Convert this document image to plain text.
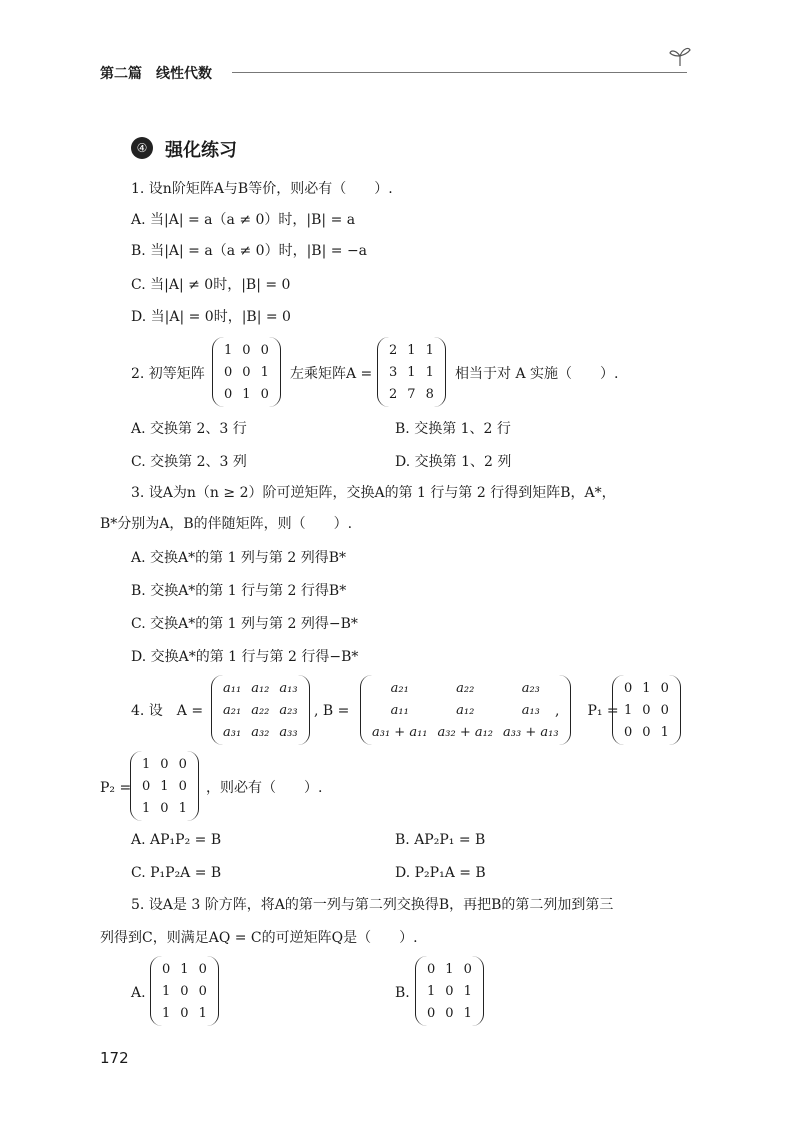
第二篇　线性代数
④ 强化练习
1. 设n阶矩阵A与B等价，则必有（　　）.
A. 当|A| = a（a ≠ 0）时，|B| = a
B. 当|A| = a（a ≠ 0）时，|B| = −a
C. 当|A| ≠ 0时，|B| = 0
D. 当|A| = 0时，|B| = 0
2. 初等矩阵
1	0	0
0	0	1
0	1	0
左乘矩阵A =
2	1	1
3	1	1
2	7	8
相当于对 A 实施（　　）.
A. 交换第 2、3 行	B. 交换第 1、2 行
C. 交换第 2、3 列	D. 交换第 1、2 列
3. 设A为n（n ≥ 2）阶可逆矩阵，交换A的第 1 行与第 2 行得到矩阵B，A*，
B*分别为A，B的伴随矩阵，则（　　）.
A. 交换A*的第 1 列与第 2 列得B*
B. 交换A*的第 1 行与第 2 行得B*
C. 交换A*的第 1 列与第 2 列得−B*
D. 交换A*的第 1 行与第 2 行得−B*
4. 设　A =
a₁₁	a₁₂	a₁₃
a₂₁	a₂₂	a₂₃
a₃₁	a₃₂	a₃₃
, B =
a₂₁	a₂₂	a₂₃
a₁₁	a₁₂	a₁₃
a₃₁ + a₁₁	a₃₂ + a₁₂	a₃₃ + a₁₃
,　　P₁ =
0	1	0
1	0	0
0	0	1
P₂ =
1	0	0
0	1	0
1	0	1
，则必有（　　）.
A. AP₁P₂ = B	B. AP₂P₁ = B
C. P₁P₂A = B	D. P₂P₁A = B
5. 设A是 3 阶方阵，将A的第一列与第二列交换得B，再把B的第二列加到第三
列得到C，则满足AQ = C的可逆矩阵Q是（　　）.
A.
0	1	0
1	0	0
1	0	1
B.
0	1	0
1	0	1
0	0	1
172
